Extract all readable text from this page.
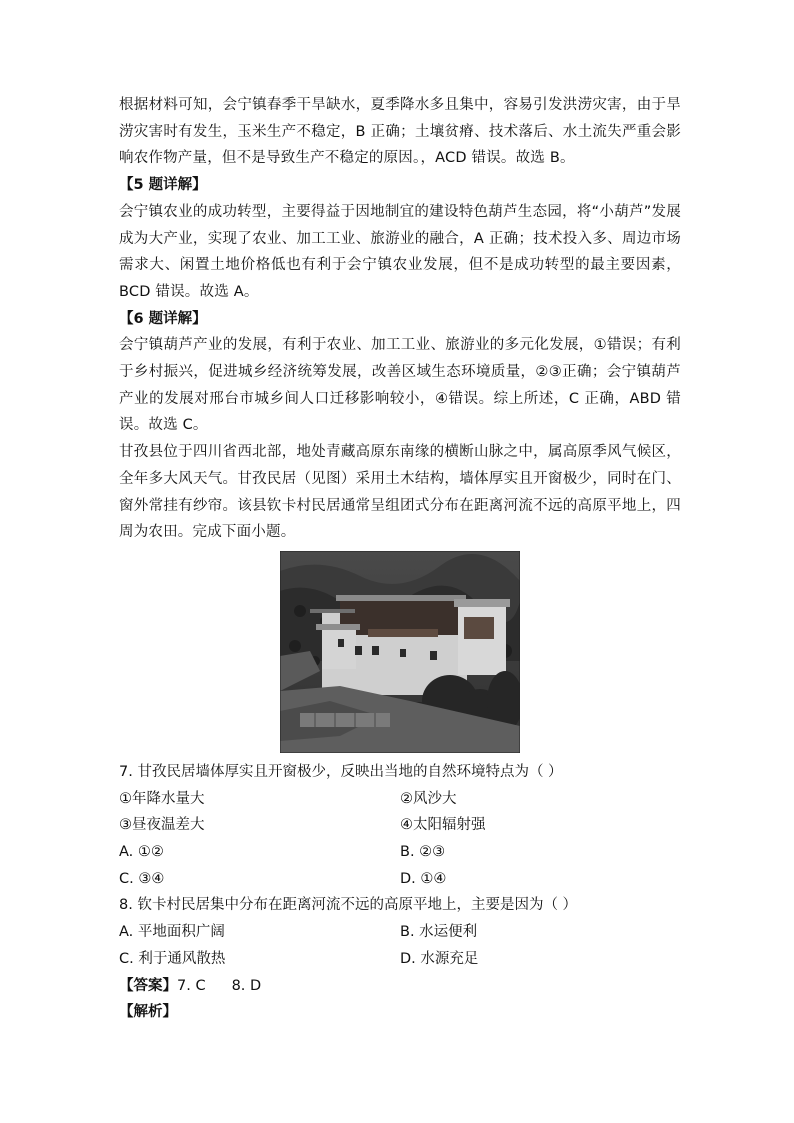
根据材料可知，会宁镇春季干旱缺水，夏季降水多且集中，容易引发洪涝灾害，由于旱涝灾害时有发生，玉米生产不稳定，B 正确；土壤贫瘠、技术落后、水土流失严重会影响农作物产量，但不是导致生产不稳定的原因。，ACD 错误。故选 B。

【5 题详解】

会宁镇农业的成功转型，主要得益于因地制宜的建设特色葫芦生态园，将“小葫芦”发展成为大产业，实现了农业、加工工业、旅游业的融合，A 正确；技术投入多、周边市场需求大、闲置土地价格低也有利于会宁镇农业发展，但不是成功转型的最主要因素，BCD 错误。故选 A。

【6 题详解】

会宁镇葫芦产业的发展，有利于农业、加工工业、旅游业的多元化发展，①错误；有利于乡村振兴，促进城乡经济统筹发展，改善区域生态环境质量，②③正确；会宁镇葫芦产业的发展对邢台市城乡间人口迁移影响较小，④错误。综上所述，C 正确，ABD 错误。故选 C。

甘孜县位于四川省西北部，地处青藏高原东南缘的横断山脉之中，属高原季风气候区，全年多大风天气。甘孜民居（见图）采用土木结构，墙体厚实且开窗极少，同时在门、窗外常挂有纱帘。该县钦卡村民居通常呈组团式分布在距离河流不远的高原平地上，四周为农田。完成下面小题。

7. 甘孜民居墙体厚实且开窗极少，反映出当地的自然环境特点为（ ）

①年降水量大	②风沙大

③昼夜温差大	④太阳辐射强

A. ①②	B. ②③

C. ③④	D. ①④

8. 钦卡村民居集中分布在距离河流不远的高原平地上，主要是因为（ ）

A. 平地面积广阔	B. 水运便利

C. 利于通风散热	D. 水源充足

【答案】7. C 8. D

【解析】
